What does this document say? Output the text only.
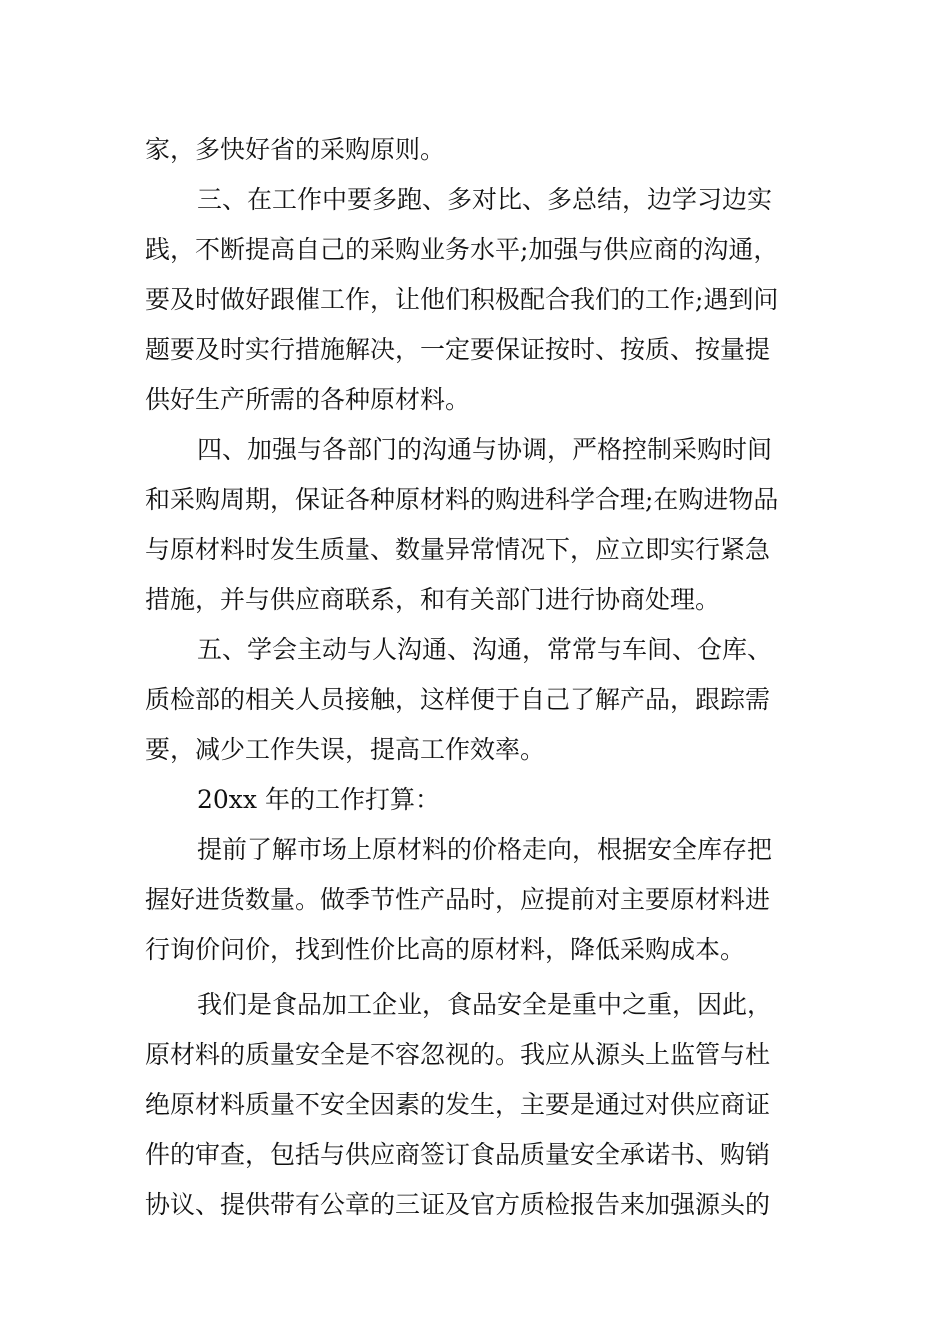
家，多快好省的采购原则。
三、在工作中要多跑、多对比、多总结，边学习边实
践，不断提高自己的采购业务水平;加强与供应商的沟通，
要及时做好跟催工作，让他们积极配合我们的工作;遇到问
题要及时实行措施解决，一定要保证按时、按质、按量提
供好生产所需的各种原材料。
四、加强与各部门的沟通与协调，严格控制采购时间
和采购周期，保证各种原材料的购进科学合理;在购进物品
与原材料时发生质量、数量异常情况下，应立即实行紧急
措施，并与供应商联系，和有关部门进行协商处理。
五、学会主动与人沟通、沟通，常常与车间、仓库、
质检部的相关人员接触，这样便于自己了解产品，跟踪需
要，减少工作失误，提高工作效率。
20xx 年的工作打算：
提前了解市场上原材料的价格走向，根据安全库存把
握好进货数量。做季节性产品时，应提前对主要原材料进
行询价问价，找到性价比高的原材料，降低采购成本。
我们是食品加工企业，食品安全是重中之重，因此，
原材料的质量安全是不容忽视的。我应从源头上监管与杜
绝原材料质量不安全因素的发生，主要是通过对供应商证
件的审查，包括与供应商签订食品质量安全承诺书、购销
协议、提供带有公章的三证及官方质检报告来加强源头的
